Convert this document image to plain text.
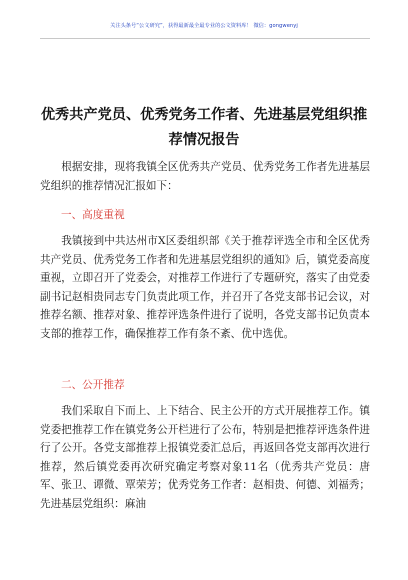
关注头条号“公文研究”，获得最新最全最专业的公文资料库！ 微信：gongwenyj
优秀共产党员、优秀党务工作者、先进基层党组织推荐情况报告
根据安排，现将我镇全区优秀共产党员、优秀党务工作者先进基层党组织的推荐情况汇报如下：
一、高度重视
我镇接到中共达州市X区委组织部《关于推荐评选全市和全区优秀共产党员、优秀党务工作者和先进基层党组织的通知》后，镇党委高度重视，立即召开了党委会，对推荐工作进行了专题研究，落实了由党委副书记赵相贵同志专门负责此项工作，并召开了各党支部书记会议，对推荐名额、推荐对象、推荐评选条件进行了说明，各党支部书记负责本支部的推荐工作，确保推荐工作有条不紊、优中选优。
二、公开推荐
我们采取自下而上、上下结合、民主公开的方式开展推荐工作。镇党委把推荐工作在镇党务公开栏进行了公布，特别是把推荐评选条件进行了公开。各党支部推荐上报镇党委汇总后，再返回各党支部再次进行推荐，然后镇党委再次研究确定考察对象11名（优秀共产党员：唐军、张卫、谭微、覃荣芳；优秀党务工作者：赵相贵、何德、刘福秀；先进基层党组织：麻油
